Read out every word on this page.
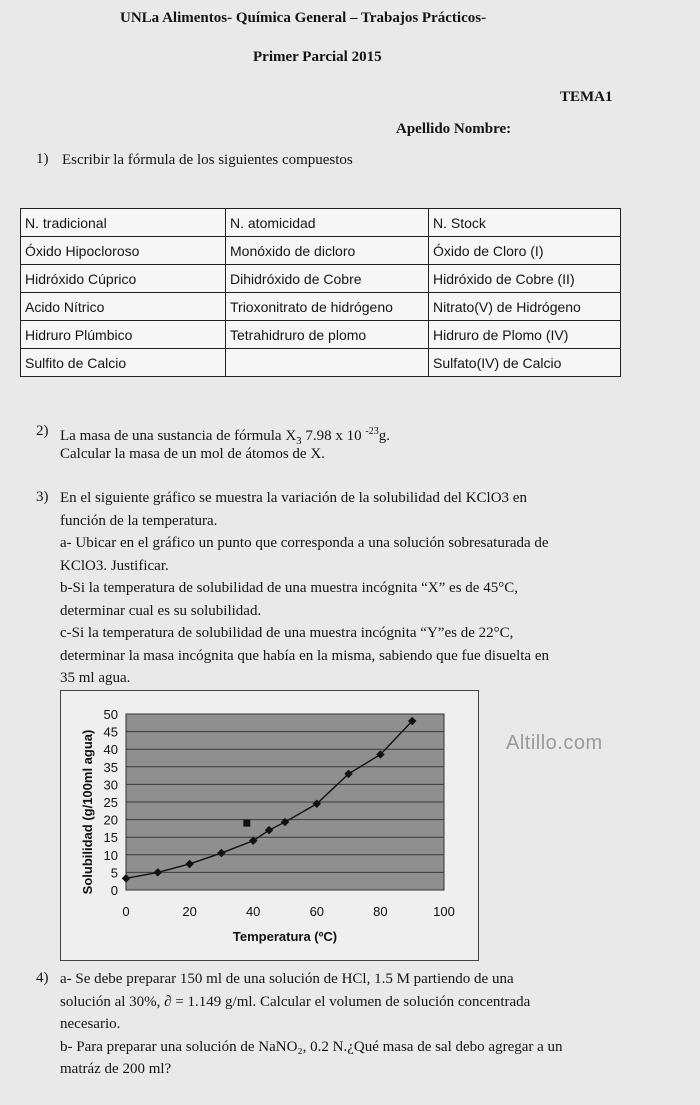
UNLa Alimentos- Química General – Trabajos Prácticos-
Primer Parcial 2015
TEMA1
Apellido Nombre:
1) Escribir la fórmula de los siguientes compuestos
N. tradicional	N. atomicidad	N. Stock
Óxido Hipocloroso	Monóxido de dicloro	Óxido de Cloro (I)
Hidróxido Cúprico	Dihidróxido de Cobre	Hidróxido de Cobre (II)
Acido Nítrico	Trioxonitrato de hidrógeno	Nitrato(V) de Hidrógeno
Hidruro Plúmbico	Tetrahidruro de plomo	Hidruro de Plomo (IV)
Sulfito de Calcio		Sulfato(IV) de Calcio
2) La masa de una sustancia de fórmula $X_3$ 7.98 x 10 $^{-23}$g.
Calcular la masa de un mol de átomos de X.
3) En el siguiente gráfico se muestra la variación de la solubilidad del KClO3 en
función de la temperatura.
a- Ubicar en el gráfico un punto que corresponda a una solución sobresaturada de
KClO3. Justificar.
b-Si la temperatura de solubilidad de una muestra incógnita “X” es de 45°C,
determinar cual es su solubilidad.
c-Si la temperatura de solubilidad de una muestra incógnita “Y”es de 22°C,
determinar la masa incógnita que había en la misma, sabiendo que fue disuelta en
35 ml agua.
0
5
10
15
20
25
30
35
40
45
50
0	20	40	60	80	100
Temperatura (ºC)
Solubilidad (g/100ml agua)	Altillo.com
4) a- Se debe preparar 150 ml de una solución de HCl, 1.5 M partiendo de una
solución al 30%, ∂ = 1.149 g/ml. Calcular el volumen de solución concentrada
necesario.
b- Para preparar una solución de NaNO₂, 0.2 N.¿Qué masa de sal debo agregar a un
matráz de 200 ml?
